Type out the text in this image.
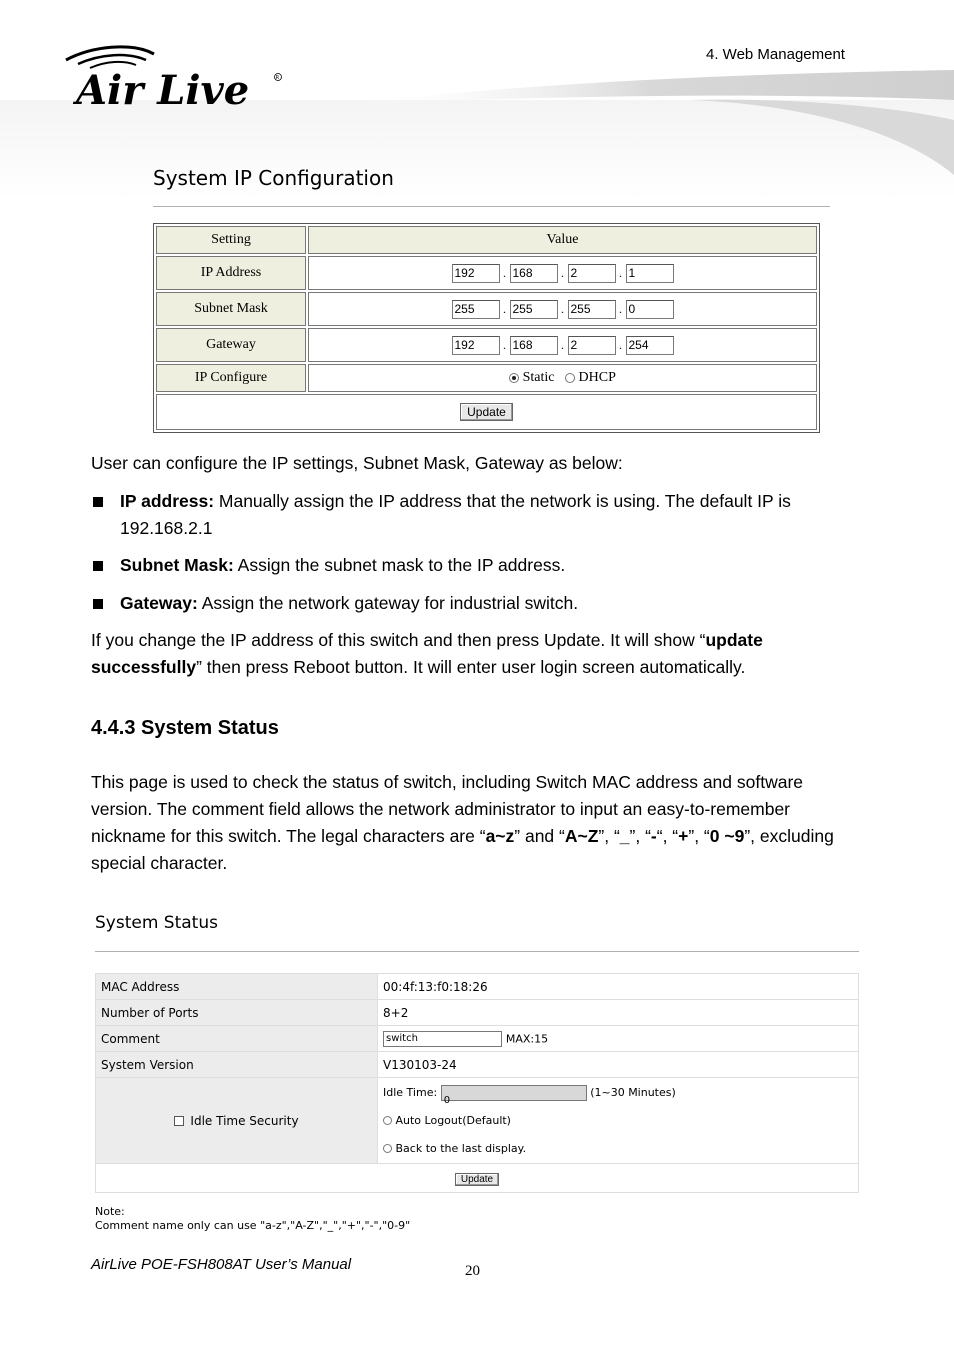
4. Web Management
Air Live	R
System IP Configuration
Setting	Value
IP Address	192 . 168 . 2 . 1
Subnet Mask	255 . 255 . 255 . 0
Gateway	192 . 168 . 2 . 254
IP Configure	Static DHCP
Update	
User can configure the IP settings, Subnet Mask, Gateway as below:
IP address: Manually assign the IP address that the network is using. The default IP is 192.168.2.1
Subnet Mask: Assign the subnet mask to the IP address.
Gateway: Assign the network gateway for industrial switch.
If you change the IP address of this switch and then press Update. It will show “update successfully” then press Reboot button. It will enter user login screen automatically.
4.4.3 System Status
This page is used to check the status of switch, including Switch MAC address and software version. The comment field allows the network administrator to input an easy-to-remember nickname for this switch. The legal characters are “a~z” and “A~Z”, “_”, “-“, “+”, “0 ~9”, excluding special character.
System Status
MAC Address	00:4f:13:f0:18:26
Number of Ports	8+2
Comment	switch MAX:15
System Version	V130103-24
Idle Time Security	Idle Time: 0 (1~30 Minutes)
Auto Logout(Default)
Back to the last display.

Update	
Note:
Comment name only can use "a-z","A-Z","_","+","-","0-9"
AirLive POE-FSH808AT User’s Manual	20
